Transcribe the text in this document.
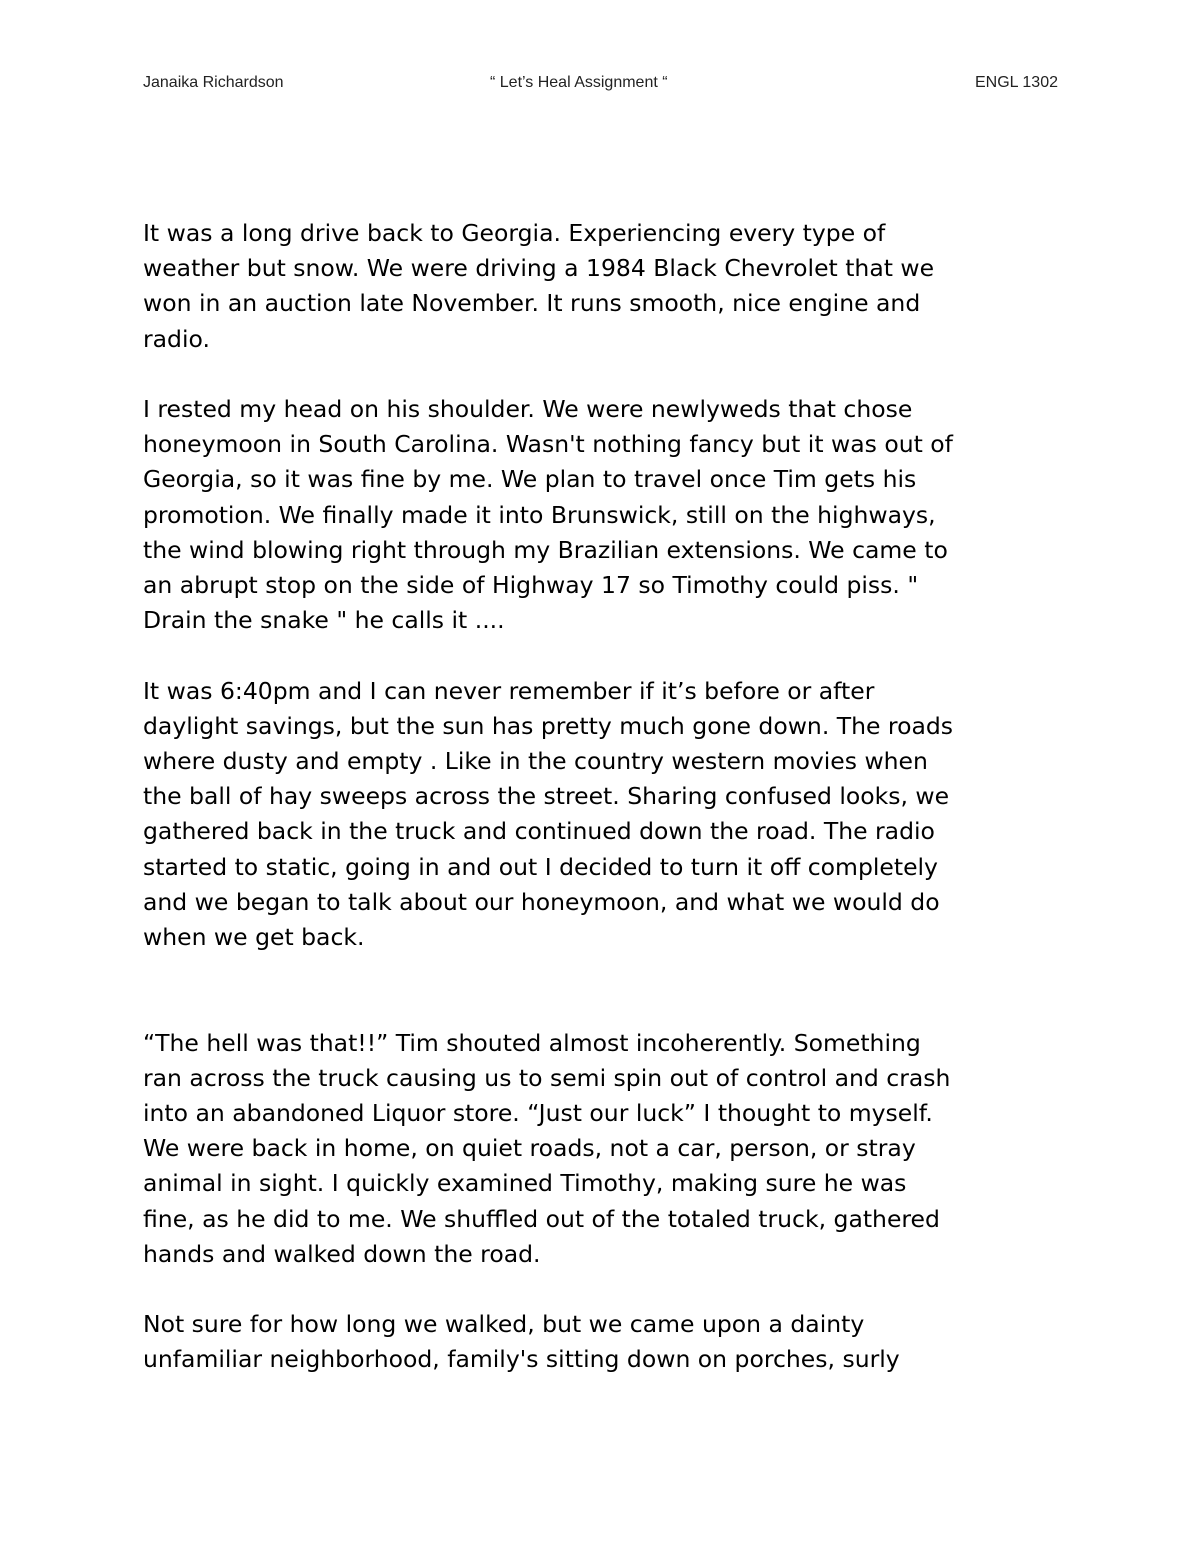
Janaika Richardson	“ Let’s Heal Assignment “	ENGL 1302

It was a long drive back to Georgia. Experiencing every type of
weather but snow. We were driving a 1984 Black Chevrolet that we
won in an auction late November. It runs smooth, nice engine and
radio.

I rested my head on his shoulder. We were newlyweds that chose
honeymoon in South Carolina. Wasn't nothing fancy but it was out of
Georgia, so it was fine by me. We plan to travel once Tim gets his
promotion. We finally made it into Brunswick, still on the highways,
the wind blowing right through my Brazilian extensions. We came to
an abrupt stop on the side of Highway 17 so Timothy could piss. "
Drain the snake " he calls it ....

It was 6:40pm and I can never remember if it’s before or after
daylight savings, but the sun has pretty much gone down. The roads
where dusty and empty . Like in the country western movies when
the ball of hay sweeps across the street. Sharing confused looks, we
gathered back in the truck and continued down the road. The radio
started to static, going in and out I decided to turn it off completely
and we began to talk about our honeymoon, and what we would do
when we get back.

“The hell was that!!” Tim shouted almost incoherently. Something
ran across the truck causing us to semi spin out of control and crash
into an abandoned Liquor store. “Just our luck” I thought to myself.
We were back in home, on quiet roads, not a car, person, or stray
animal in sight. I quickly examined Timothy, making sure he was
fine, as he did to me. We shuffled out of the totaled truck, gathered
hands and walked down the road.

Not sure for how long we walked, but we came upon a dainty
unfamiliar neighborhood, family's sitting down on porches, surly
